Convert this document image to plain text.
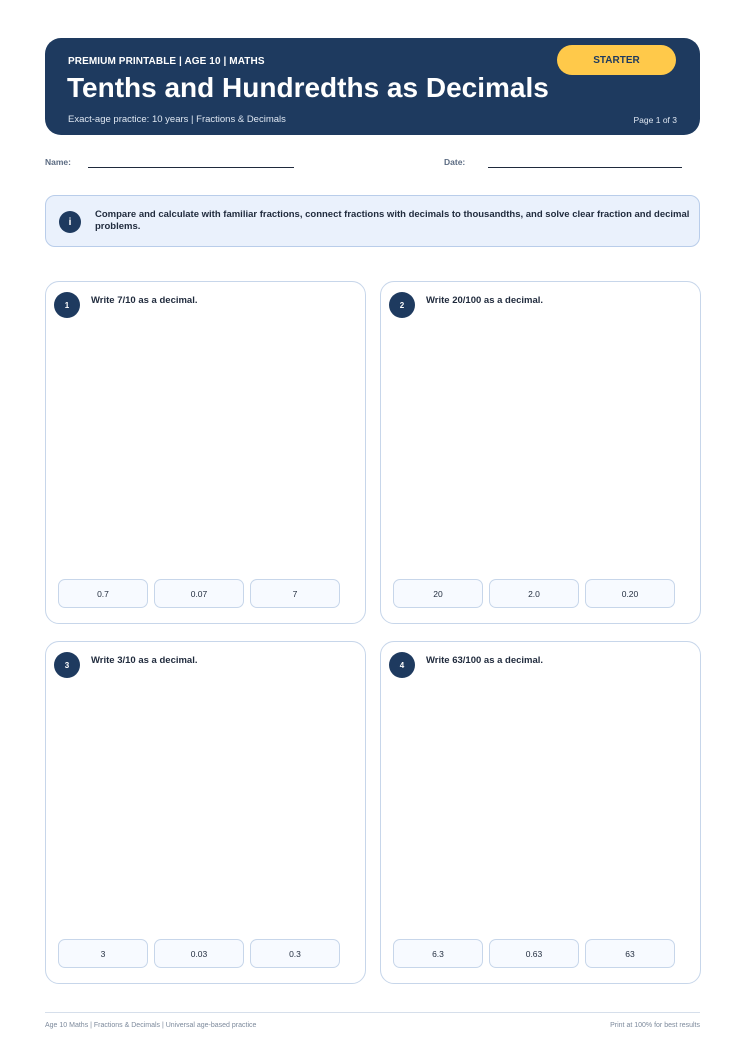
PREMIUM PRINTABLE | AGE 10 | MATHS
Tenths and Hundredths as Decimals
Exact-age practice: 10 years | Fractions & Decimals	Page 1 of 3
STARTER
Name:	Date:
i
Compare and calculate with familiar fractions, connect fractions with decimals to thousandths, and solve clear fraction and decimal problems.
1	Write 7/10 as a decimal.
0.7	0.07	7
2	Write 20/100 as a decimal.
20	2.0	0.20
3	Write 3/10 as a decimal.
3	0.03	0.3
4	Write 63/100 as a decimal.
6.3	0.63	63
Age 10 Maths | Fractions & Decimals | Universal age-based practice	Print at 100% for best results
